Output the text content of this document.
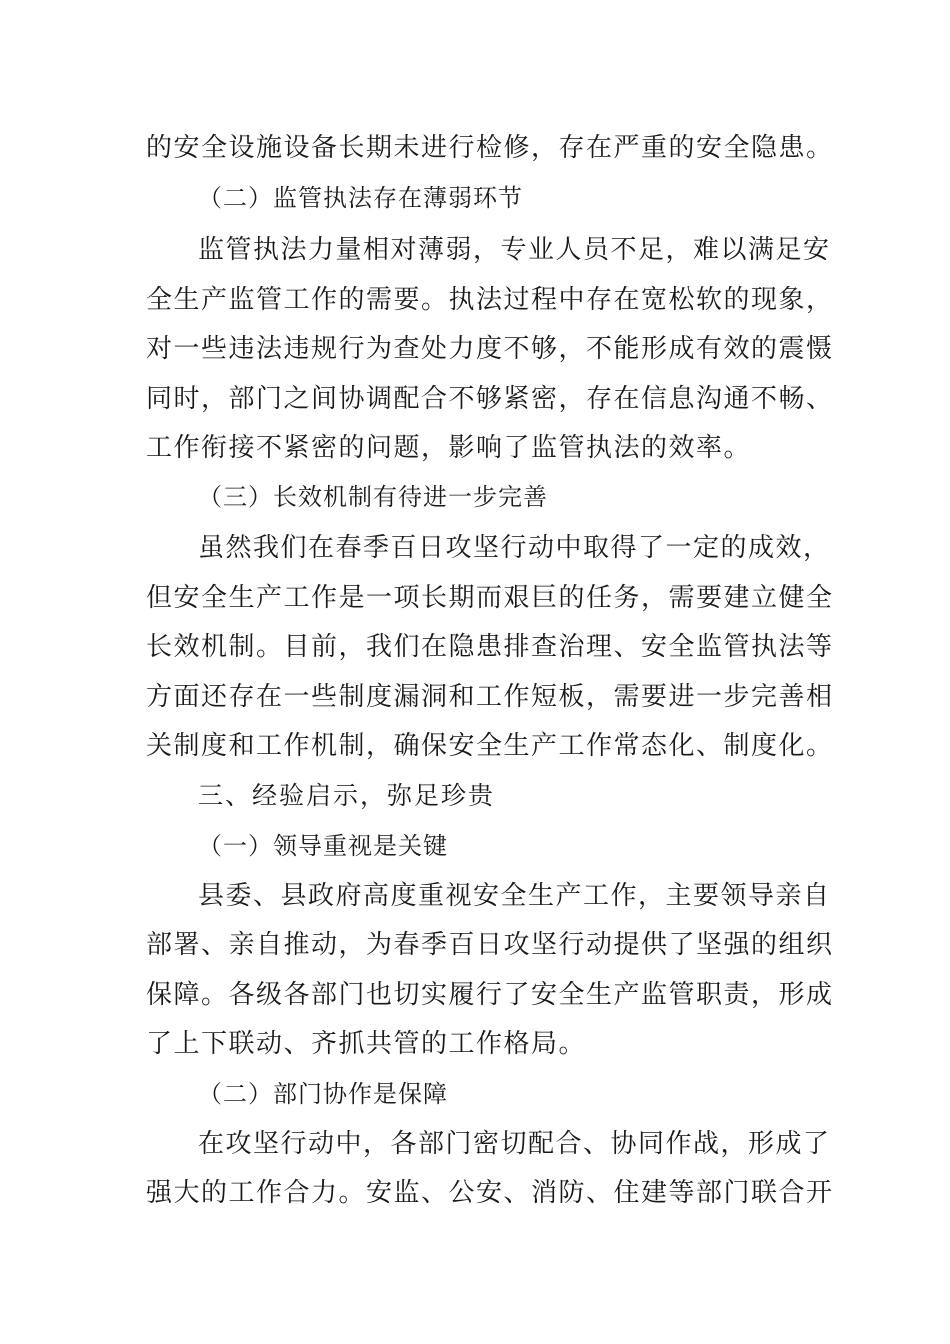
的安全设施设备长期未进行检修，存在严重的安全隐患。
（二）监管执法存在薄弱环节
监管执法力量相对薄弱，专业人员不足，难以满足安
全生产监管工作的需要。执法过程中存在宽松软的现象，
对一些违法违规行为查处力度不够，不能形成有效的震慑
同时，部门之间协调配合不够紧密，存在信息沟通不畅、
工作衔接不紧密的问题，影响了监管执法的效率。
（三）长效机制有待进一步完善
虽然我们在春季百日攻坚行动中取得了一定的成效，
但安全生产工作是一项长期而艰巨的任务，需要建立健全
长效机制。目前，我们在隐患排查治理、安全监管执法等
方面还存在一些制度漏洞和工作短板，需要进一步完善相
关制度和工作机制，确保安全生产工作常态化、制度化。
三、经验启示，弥足珍贵
（一）领导重视是关键
县委、县政府高度重视安全生产工作，主要领导亲自
部署、亲自推动，为春季百日攻坚行动提供了坚强的组织
保障。各级各部门也切实履行了安全生产监管职责，形成
了上下联动、齐抓共管的工作格局。
（二）部门协作是保障
在攻坚行动中，各部门密切配合、协同作战，形成了
强大的工作合力。安监、公安、消防、住建等部门联合开
